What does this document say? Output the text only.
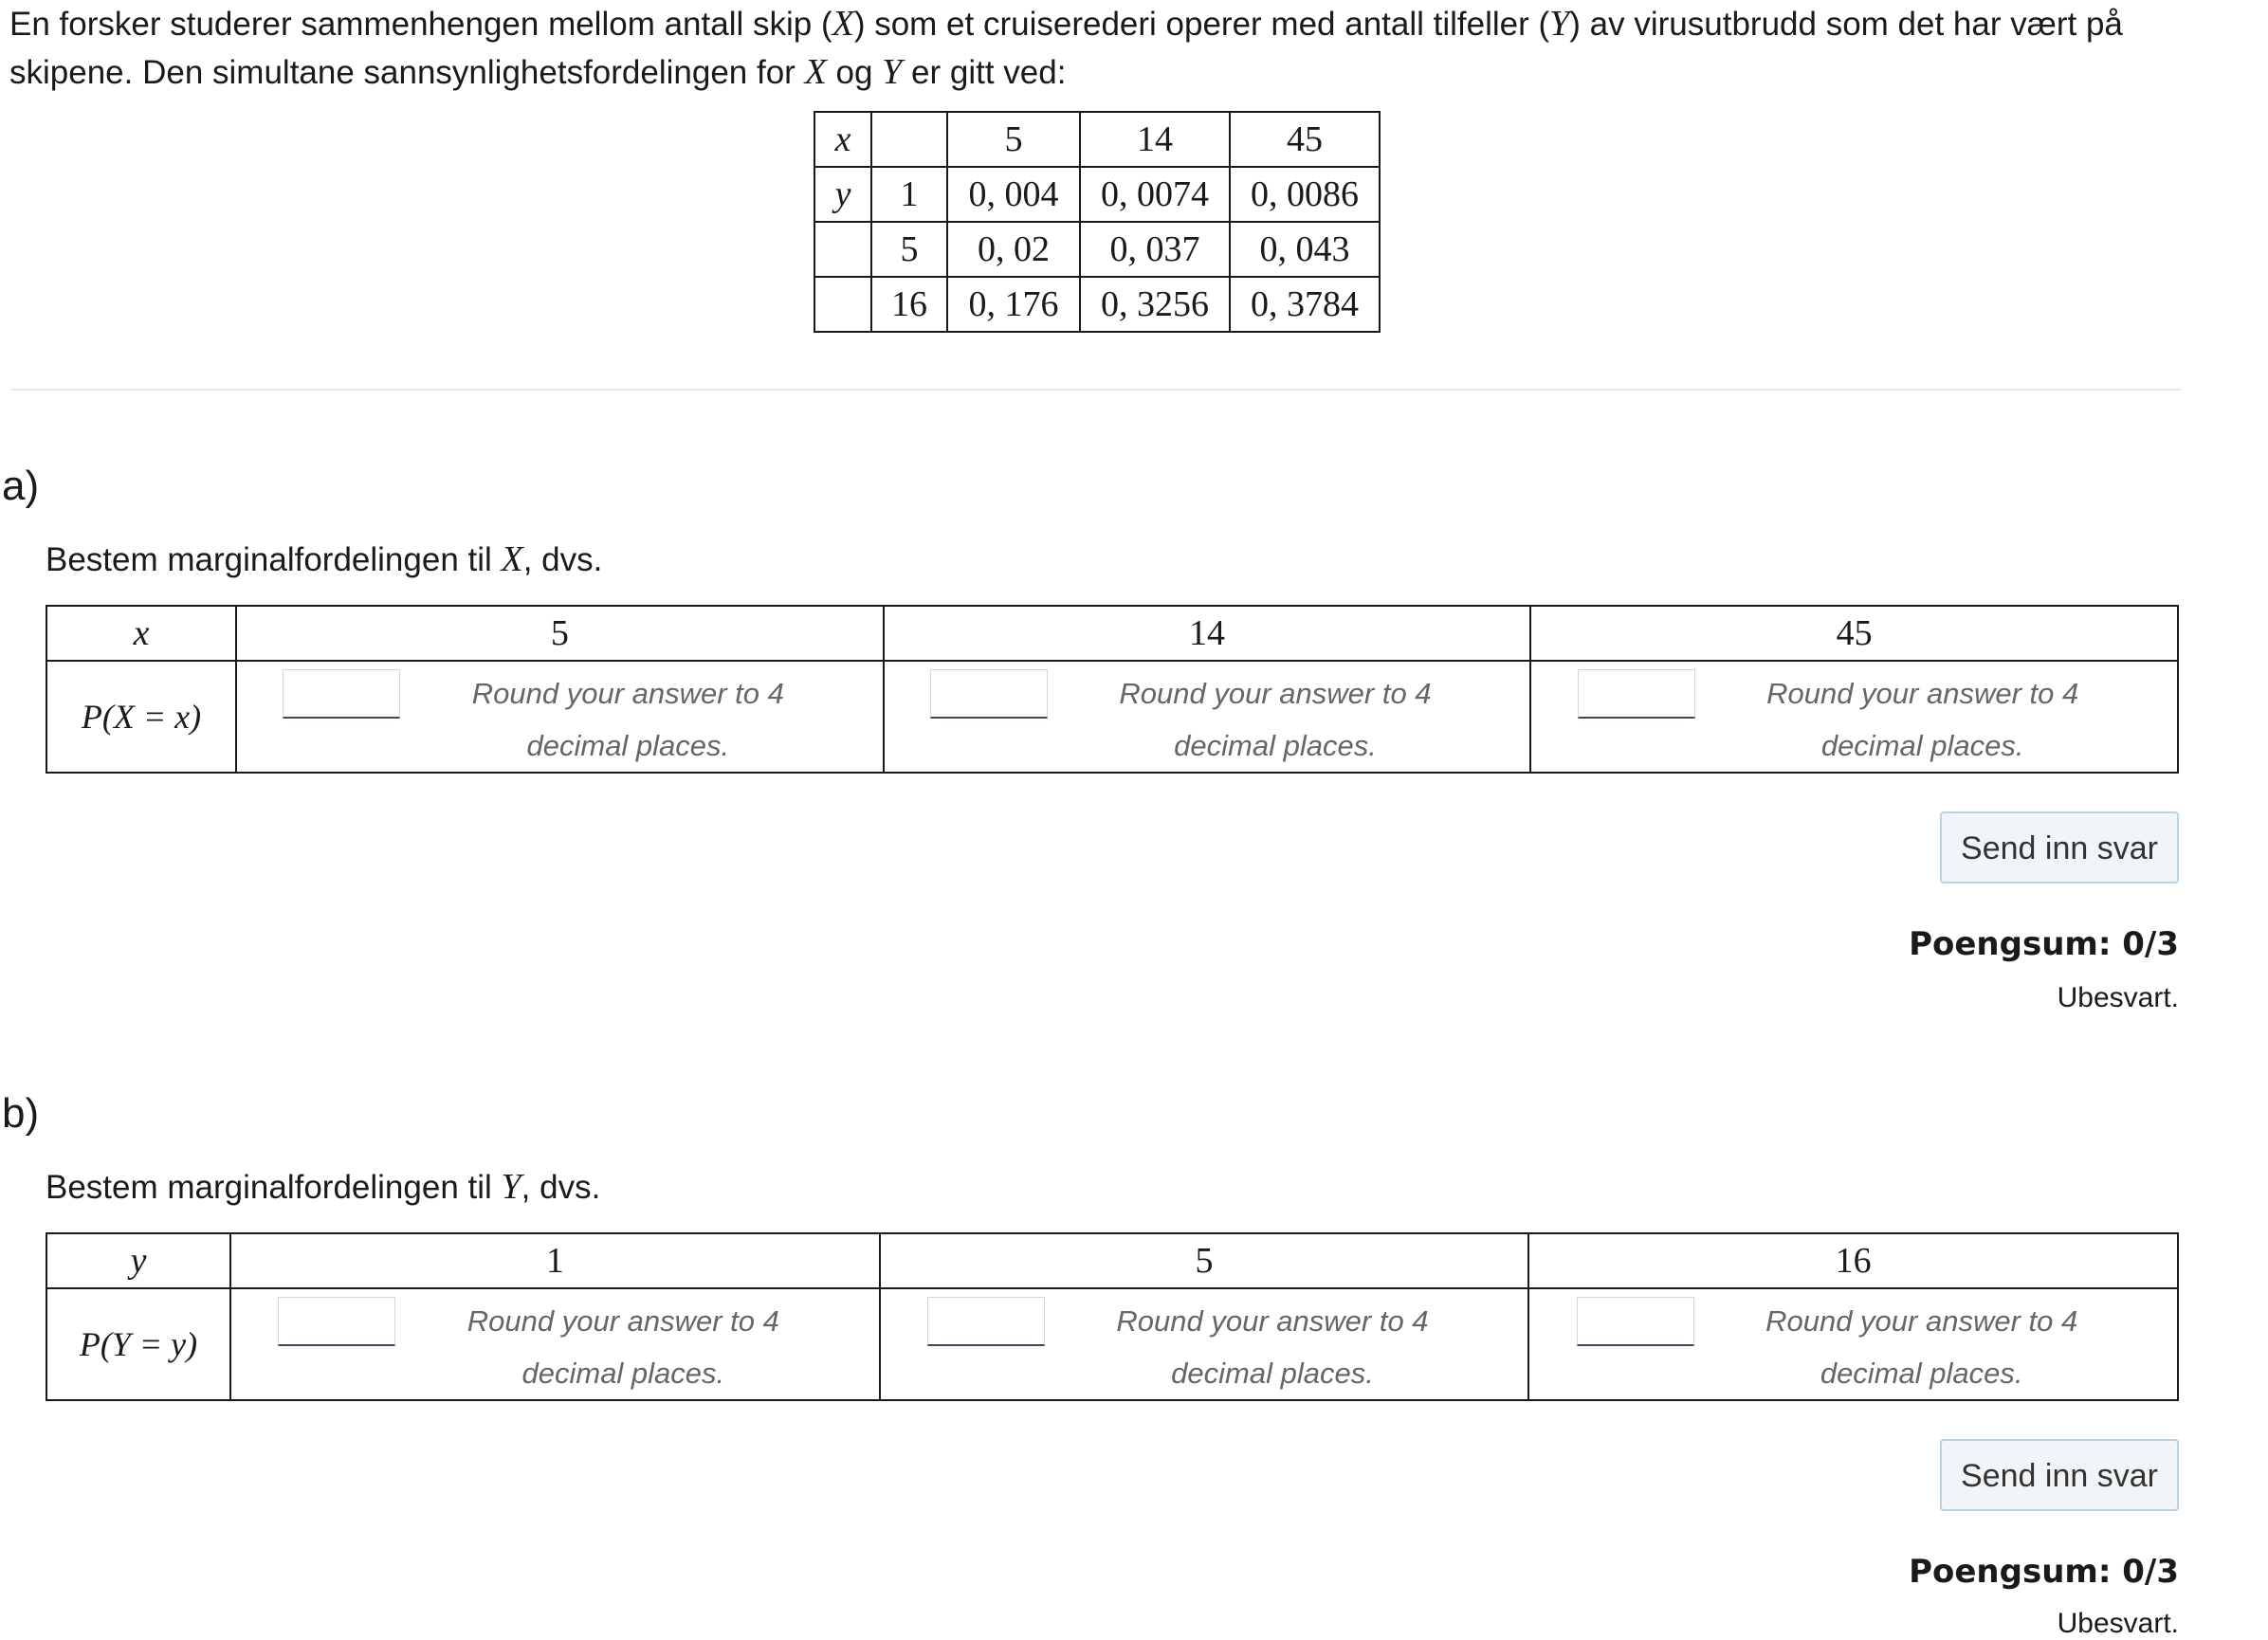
En forsker studerer sammenhengen mellom antall skip (X) som et cruiserederi operer med antall tilfeller (Y) av virusutbrudd som det har vært på skipene. Den simultane sannsynlighetsfordelingen for X og Y er gitt ved:
x		5	14	45
y	1	0, 004	0, 0074	0, 0086
	5	0, 02	0, 037	0, 043
	16	0, 176	0, 3256	0, 3784
a)
Bestem marginalfordelingen til X, dvs.
x	5	14	45
P(X = x)	Round your answer to 4 decimal places.	Round your answer to 4 decimal places.	Round your answer to 4 decimal places.
Send inn svar
Poengsum: 0/3
Ubesvart.
b)
Bestem marginalfordelingen til Y, dvs.
y	1	5	16
P(Y = y)	Round your answer to 4 decimal places.	Round your answer to 4 decimal places.	Round your answer to 4 decimal places.
Send inn svar
Poengsum: 0/3
Ubesvart.
